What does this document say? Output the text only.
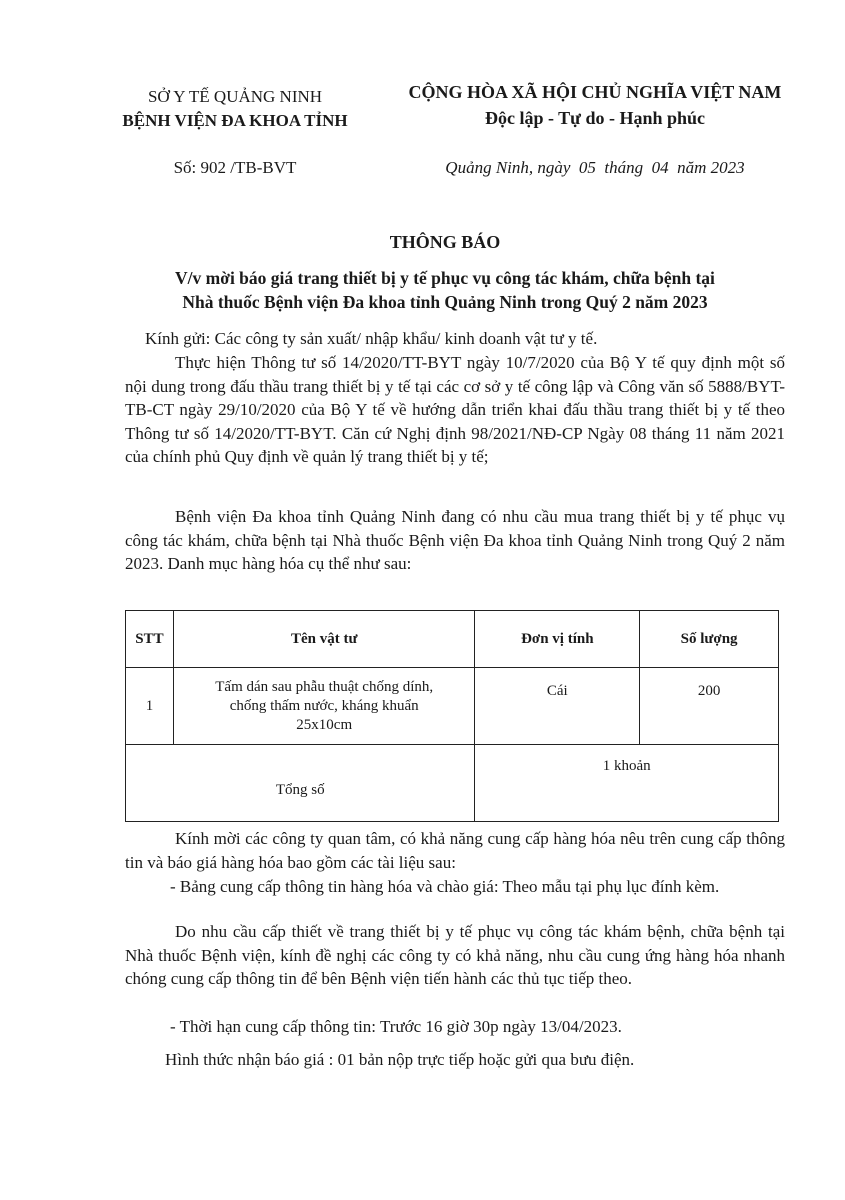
SỞ Y TẾ QUẢNG NINH
BỆNH VIỆN ĐA KHOA TỈNH
CỘNG HÒA XÃ HỘI CHỦ NGHĨA VIỆT NAM
Độc lập - Tự do - Hạnh phúc
Số: 902 /TB-BVT	Quảng Ninh, ngày  05  tháng  04  năm 2023
THÔNG BÁO
V/v mời báo giá trang thiết bị y tế phục vụ công tác khám, chữa bệnh tại
Nhà thuốc Bệnh viện Đa khoa tỉnh Quảng Ninh trong Quý 2 năm 2023
Kính gửi: Các công ty sản xuất/ nhập khẩu/ kinh doanh vật tư y tế.
Thực hiện Thông tư số 14/2020/TT-BYT ngày 10/7/2020 của Bộ Y tế quy định một số nội dung trong đấu thầu trang thiết bị y tế tại các cơ sở y tế công lập và Công văn số 5888/BYT-TB-CT ngày 29/10/2020 của Bộ Y tế về hướng dẫn triển khai đấu thầu trang thiết bị y tế theo Thông tư số 14/2020/TT-BYT. Căn cứ Nghị định 98/2021/NĐ-CP Ngày 08 tháng 11 năm 2021 của chính phủ Quy định về quản lý trang thiết bị y tế;
Bệnh viện Đa khoa tỉnh Quảng Ninh đang có nhu cầu mua trang thiết bị y tế phục vụ công tác khám, chữa bệnh tại Nhà thuốc Bệnh viện Đa khoa tỉnh Quảng Ninh trong Quý 2 năm 2023. Danh mục hàng hóa cụ thể như sau:
STT	Tên vật tư	Đơn vị tính	Số lượng
1	Tấm dán sau phẫu thuật chống dính,
chống thấm nước, kháng khuẩn
25x10cm	Cái	200
Tổng số		1 khoản	
Kính mời các công ty quan tâm, có khả năng cung cấp hàng hóa nêu trên cung cấp thông tin và báo giá hàng hóa bao gồm các tài liệu sau:
- Bảng cung cấp thông tin hàng hóa và chào giá: Theo mẫu tại phụ lục đính kèm.
Do nhu cầu cấp thiết về trang thiết bị y tế phục vụ công tác khám bệnh, chữa bệnh tại Nhà thuốc Bệnh viện, kính đề nghị các công ty có khả năng, nhu cầu cung ứng hàng hóa nhanh chóng cung cấp thông tin để bên Bệnh viện tiến hành các thủ tục tiếp theo.
- Thời hạn cung cấp thông tin: Trước 16 giờ 30p ngày 13/04/2023.
Hình thức nhận báo giá : 01 bản nộp trực tiếp hoặc gửi qua bưu điện.
